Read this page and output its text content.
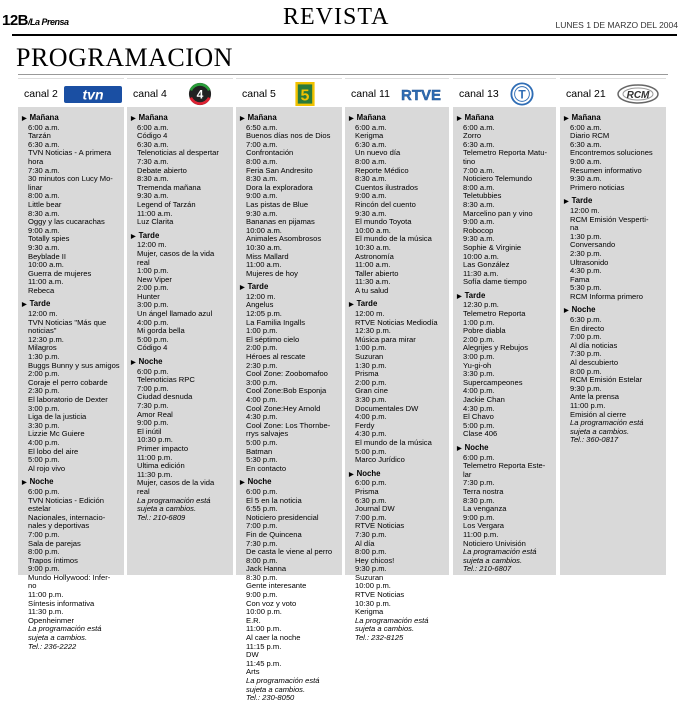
12B/La Prensa	REVISTA	LUNES 1 DE MARZO DEL 2004
PROGRAMACION
canal 2 tvn
▶ Mañana
6:00 a.m.
Tarzán
6:30 a.m.
TVN Noticias - A primera
hora
7:30 a.m.
30 minutos con Lucy Mo-
linar
8:00 a.m.
Little bear
8:30 a.m.
Oggy y las cucarachas
9:00 a.m.
Totally spies
9:30 a.m.
Beyblade II
10:00 a.m.
Guerra de mujeres
11:00 a.m.
Rebeca
▶ Tarde
12:00 m.
TVN Noticias "Más que
noticias"
12:30 p.m.
Milagros
1:30 p.m.
Buggs Bunny y sus amigos
2:00 p.m.
Coraje el perro cobarde
2:30 p.m.
El laboratorio de Dexter
3:00 p.m.
Liga de la justicia
3:30 p.m.
Lizzie Mc Guiere
4:00 p.m.
El lobo del aire
5:00 p.m.
Al rojo vivo
▶ Noche
6:00 p.m.
TVN Noticias - Edición
estelar
Nacionales, internacio-
nales y deportivas
7:00 p.m.
Sala de parejas
8:00 p.m.
Trapos íntimos
9:00 p.m.
Mundo Hollywood: Infer-
no
11:00 p.m.
Síntesis informativa
11:30 p.m.
Openheinmer
La programación está
sujeta a cambios.
Tel.: 236-2222
canal 4 4
▶ Mañana
6:00 a.m.
Código 4
6:30 a.m.
Telenoticias al despertar
7:30 a.m.
Debate abierto
8:30 a.m.
Tremenda mañana
9:30 a.m.
Legend of Tarzán
11:00 a.m.
Luz Clarita
▶ Tarde
12:00 m.
Mujer, casos de la vida
real
1:00 p.m.
New Viper
2:00 p.m.
Hunter
3:00 p.m.
Un ángel llamado azul
4:00 p.m.
Mi gorda bella
5:00 p.m.
Código 4
▶ Noche
6:00 p.m.
Telenoticias RPC
7:00 p.m.
Ciudad desnuda
7:30 p.m.
Amor Real
9:00 p.m.
El inútil
10:30 p.m.
Primer impacto
11:00 p.m.
Ultima edición
11:30 p.m.
Mujer, casos de la vida
real
La programación está
sujeta a cambios.
Tel.: 210-6809
canal 5 5
▶ Mañana
6:50 a.m.
Buenos días nos de Dios
7:00 a.m.
Confrontación
8:00 a.m.
Feria San Andresito
8:30 a.m.
Dora la exploradora
9:00 a.m.
Las pistas de Blue
9:30 a.m.
Bananas en pijamas
10:00 a.m.
Animales Asombrosos
10:30 a.m.
Miss Mallard
11:00 a.m.
Mujeres de hoy
▶ Tarde
12:00 m.
Angelus
12:05 p.m.
La Familia Ingalls
1:00 p.m.
El séptimo cielo
2:00 p.m.
Héroes al rescate
2:30 p.m.
Cool Zone: Zoobomafoo
3:00 p.m.
Cool Zone:Bob Esponja
4:00 p.m.
Cool Zone:Hey Arnold
4:30 p.m.
Cool Zone: Los Thornbe-
rrys salvajes
5:00 p.m.
Batman
5:30 p.m.
En contacto
▶ Noche
6:00 p.m.
El 5 en la noticia
6:55 p.m.
Noticiero presidencial
7:00 p.m.
Fin de Quincena
7:30 p.m.
De casta le viene al perro
8:00 p.m.
Jack Hanna
8:30 p.m.
Gente interesante
9:00 p.m.
Con voz y voto
10:00 p.m.
E.R.
11:00 p.m.
Al caer la noche
11:15 p.m.
DW
11:45 p.m.
Arts
La programación está
sujeta a cambios.
Tel.: 230-8050
canal 11 RTVE
▶ Mañana
6:00 a.m.
Kerigma
6:30 a.m.
Un nuevo día
8:00 a.m.
Reporte Médico
8:30 a.m.
Cuentos ilustrados
9:00 a.m.
Rincón del cuento
9:30 a.m.
El mundo Toyota
10:00 a.m.
El mundo de la música
10:30 a.m.
Astronomía
11:00 a.m.
Taller abierto
11:30 a.m.
A tu salud
▶ Tarde
12:00 m.
RTVE Noticias Mediodía
12:30 p.m.
Música para mirar
1:00 p.m.
Suzuran
1:30 p.m.
Prisma
2:00 p.m.
Gran cine
3:30 p.m.
Documentales DW
4:00 p.m.
Ferdy
4:30 p.m.
El mundo de la música
5:00 p.m.
Marco Jurídico
▶ Noche
6:00 p.m.
Prisma
6:30 p.m.
Journal DW
7:00 p.m.
RTVE Noticias
7:30 p.m.
Al día
8:00 p.m.
Hey chicos!
9:30 p.m.
Suzuran
10:00 p.m.
RTVE Noticias
10:30 p.m.
Kerigma
La programación está
sujeta a cambios.
Tel.: 232-8125
canal 13 T
▶ Mañana
6:00 a.m.
Zorro
6:30 a.m.
Telemetro Reporta Matu-
tino
7:00 a.m.
Noticiero Telemundo
8:00 a.m.
Teletubbies
8:30 a.m.
Marcelino pan y vino
9:00 a.m.
Robocop
9:30 a.m.
Sophie & Virginie
10:00 a.m.
Las González
11:30 a.m.
Sofía dame tiempo
▶ Tarde
12:30 p.m.
Telemetro Reporta
1:00 p.m.
Pobre diabla
2:00 p.m.
Alegrijes y Rebujos
3:00 p.m.
Yu-gi-oh
3:30 p.m.
Supercampeones
4:00 p.m.
Jackie Chan
4:30 p.m.
El Chavo
5:00 p.m.
Clase 406
▶ Noche
6:00 p.m.
Telemetro Reporta Este-
lar
7:30 p.m.
Terra nostra
8:30 p.m.
La venganza
9:00 p.m.
Los Vergara
11:00 p.m.
Noticiero Univisión
La programación está
sujeta a cambios.
Tel.: 210-6807
canal 21 RCM
▶ Mañana
6:00 a.m.
Diario RCM
6:30 a.m.
Encontremos soluciones
9:00 a.m.
Resumen informativo
9:30 a.m.
Primero noticias
▶ Tarde
12:00 m.
RCM Emisión Vesperti-
na
1:30 p.m.
Conversando
2:30 p.m.
Ultrasonido
4:30 p.m.
Fama
5:30 p.m.
RCM Informa primero
▶ Noche
6:30 p.m.
En directo
7:00 p.m.
Al día noticias
7:30 p.m.
Al descubierto
8:00 p.m.
RCM Emisión Estelar
9:30 p.m.
Ante la prensa
11:00 p.m.
Emisión al cierre
La programación está
sujeta a cambios.
Tel.: 360-0817
